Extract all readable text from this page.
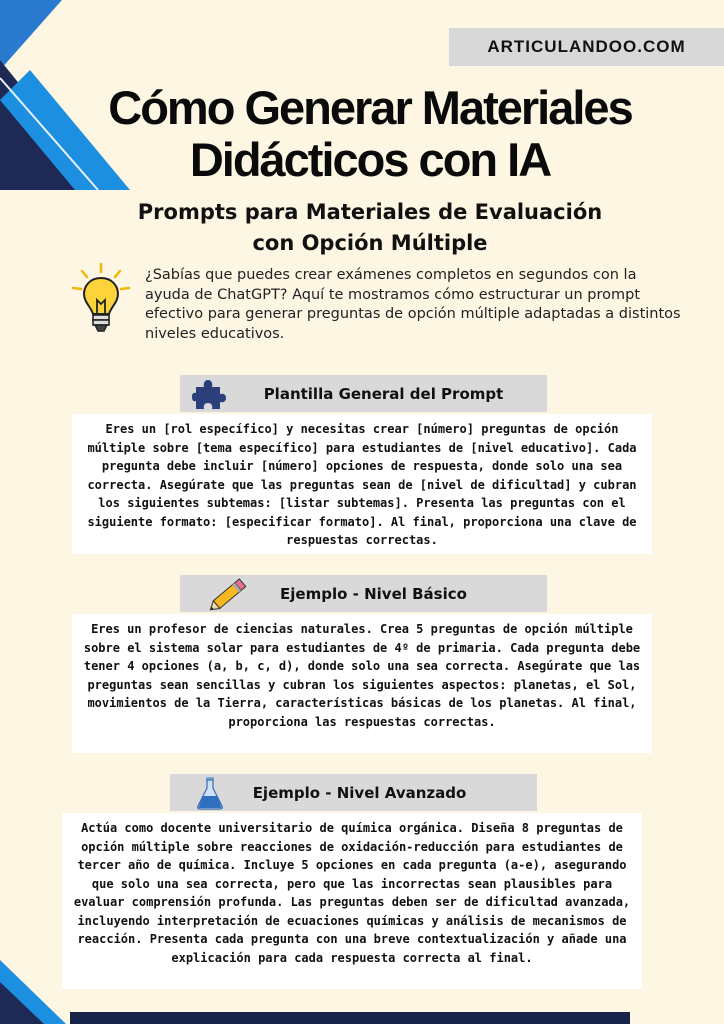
ARTICULANDOO.COM
Cómo Generar Materiales
Didácticos con IA
Prompts para Materiales de Evaluación
con Opción Múltiple

¿Sabías que puedes crear exámenes completos en segundos con la ayuda de ChatGPT? Aquí te mostramos cómo estructurar un prompt efectivo para generar preguntas de opción múltiple adaptadas a distintos niveles educativos.

Plantilla General del Prompt
Eres un [rol específico] y necesitas crear [número] preguntas de opción múltiple sobre [tema específico] para estudiantes de [nivel educativo]. Cada pregunta debe incluir [número] opciones de respuesta, donde solo una sea correcta. Asegúrate que las preguntas sean de [nivel de dificultad] y cubran los siguientes subtemas: [listar subtemas]. Presenta las preguntas con el siguiente formato: [especificar formato]. Al final, proporciona una clave de respuestas correctas.
Ejemplo - Nivel Básico
Eres un profesor de ciencias naturales. Crea 5 preguntas de opción múltiple sobre el sistema solar para estudiantes de 4º de primaria. Cada pregunta debe tener 4 opciones (a, b, c, d), donde solo una sea correcta. Asegúrate que las preguntas sean sencillas y cubran los siguientes aspectos: planetas, el Sol, movimientos de la Tierra, características básicas de los planetas. Al final, proporciona las respuestas correctas.
Ejemplo - Nivel Avanzado
Actúa como docente universitario de química orgánica. Diseña 8 preguntas de opción múltiple sobre reacciones de oxidación-reducción para estudiantes de tercer año de química. Incluye 5 opciones en cada pregunta (a-e), asegurando que solo una sea correcta, pero que las incorrectas sean plausibles para evaluar comprensión profunda. Las preguntas deben ser de dificultad avanzada, incluyendo interpretación de ecuaciones químicas y análisis de mecanismos de reacción. Presenta cada pregunta con una breve contextualización y añade una explicación para cada respuesta correcta al final.
